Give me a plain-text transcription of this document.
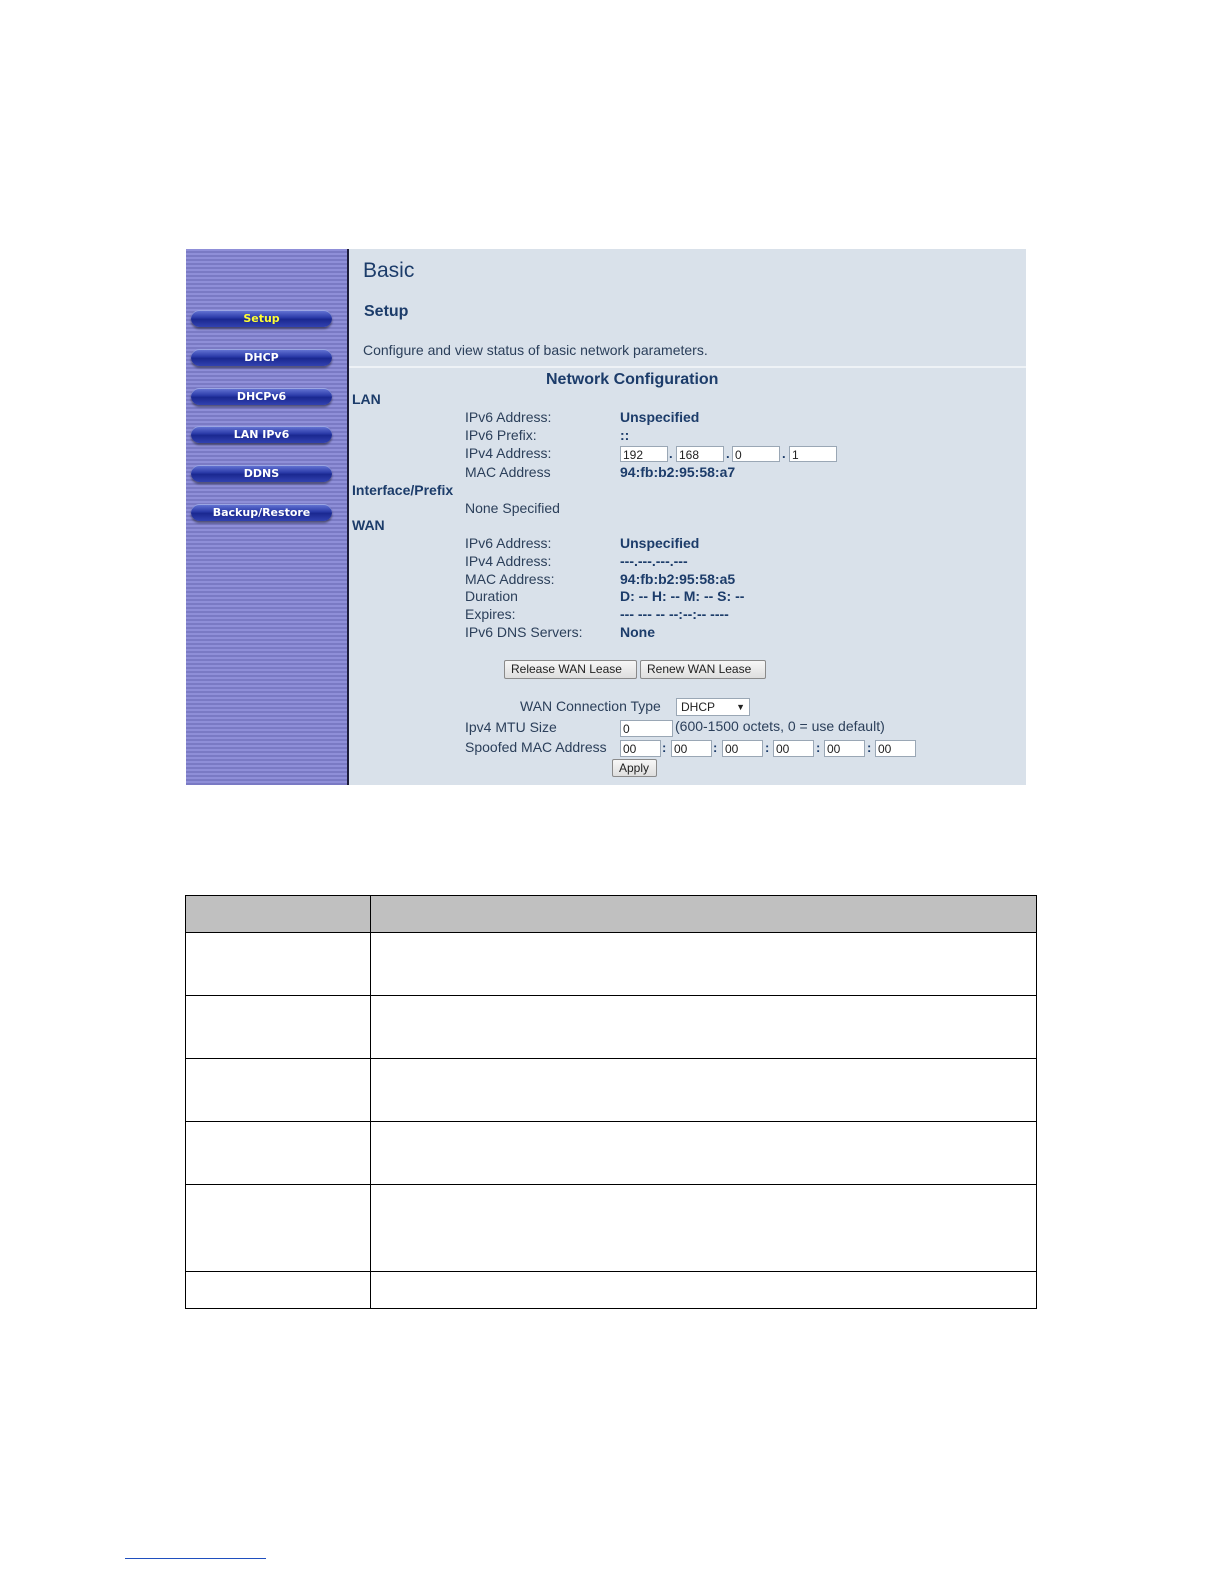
Setup
DHCP
DHCPv6
LAN IPv6
DDNS
Backup/Restore
Basic
Setup
Configure and view status of basic network parameters.
Network Configuration
LAN
IPv6 Address:	Unspecified
IPv6 Prefix:	::
IPv4 Address:	192	. 168	. 0	. 1
MAC Address	94:fb:b2:95:58:a7
Interface/Prefix
None Specified
WAN
IPv6 Address:	Unspecified
IPv4 Address:	---.---.---.---
MAC Address:	94:fb:b2:95:58:a5
Duration	D: -- H: -- M: -- S: --
Expires:	--- --- -- --:--:-- ----
IPv6 DNS Servers:	None
Release WAN Lease	Renew WAN Lease
WAN Connection Type	DHCP ▼
Ipv4 MTU Size	0	(600-1500 octets, 0 = use default)
Spoofed MAC Address 00	: 00	: 00	: 00	: 00	: 00
Apply
